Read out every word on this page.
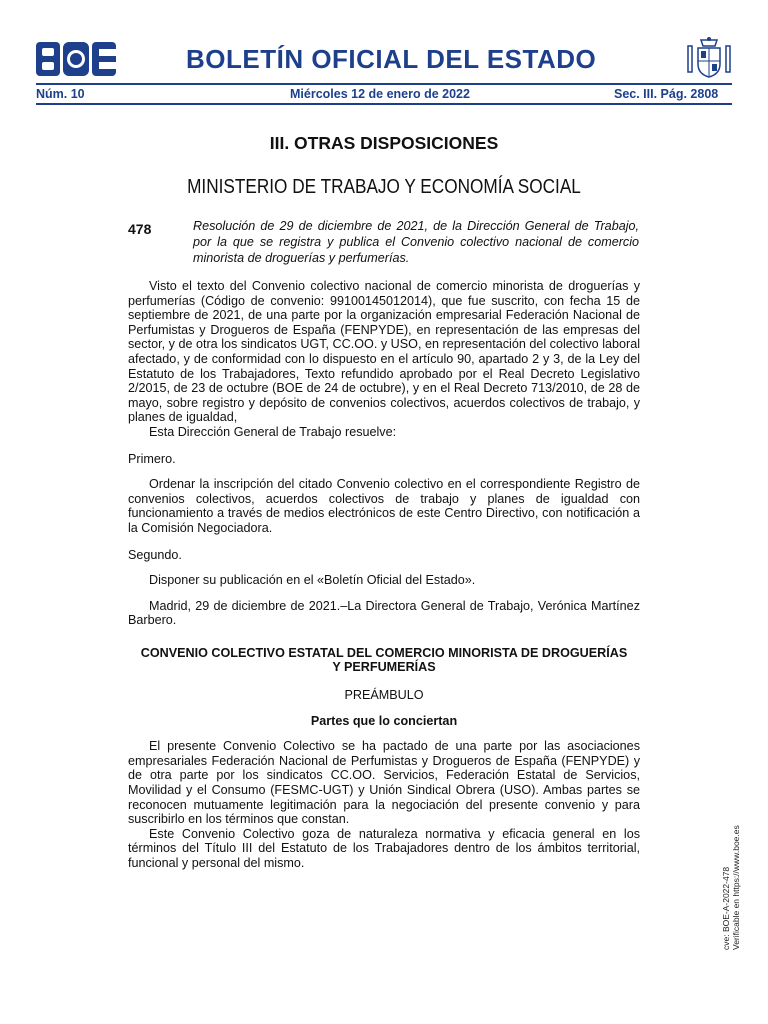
BOE
BOLETÍN OFICIAL DEL ESTADO
Núm. 10	Miércoles 12 de enero de 2022	Sec. III. Pág. 2808
III. OTRAS DISPOSICIONES
MINISTERIO DE TRABAJO Y ECONOMÍA SOCIAL
478	Resolución de 29 de diciembre de 2021, de la Dirección General de Trabajo, por la que se registra y publica el Convenio colectivo nacional de comercio minorista de droguerías y perfumerías.

Visto el texto del Convenio colectivo nacional de comercio minorista de droguerías y perfumerías (Código de convenio: 99100145012014), que fue suscrito, con fecha 15 de septiembre de 2021, de una parte por la organización empresarial Federación Nacional de Perfumistas y Drogueros de España (FENPYDE), en representación de las empresas del sector, y de otra los sindicatos UGT, CC.OO. y USO, en representación del colectivo laboral afectado, y de conformidad con lo dispuesto en el artículo 90, apartado 2 y 3, de la Ley del Estatuto de los Trabajadores, Texto refundido aprobado por el Real Decreto Legislativo 2/2015, de 23 de octubre (BOE de 24 de octubre), y en el Real Decreto 713/2010, de 28 de mayo, sobre registro y depósito de convenios colectivos, acuerdos colectivos de trabajo, y planes de igualdad,

Esta Dirección General de Trabajo resuelve:

Primero.

Ordenar la inscripción del citado Convenio colectivo en el correspondiente Registro de convenios colectivos, acuerdos colectivos de trabajo y planes de igualdad con funcionamiento a través de medios electrónicos de este Centro Directivo, con notificación a la Comisión Negociadora.

Segundo.

Disponer su publicación en el «Boletín Oficial del Estado».

Madrid, 29 de diciembre de 2021.–La Directora General de Trabajo, Verónica Martínez Barbero.

CONVENIO COLECTIVO ESTATAL DEL COMERCIO MINORISTA DE DROGUERÍAS Y PERFUMERÍAS

PREÁMBULO

Partes que lo conciertan

El presente Convenio Colectivo se ha pactado de una parte por las asociaciones empresariales Federación Nacional de Perfumistas y Drogueros de España (FENPYDE) y de otra parte por los sindicatos CC.OO. Servicios, Federación Estatal de Servicios, Movilidad y el Consumo (FESMC-UGT) y Unión Sindical Obrera (USO). Ambas partes se reconocen mutuamente legitimación para la negociación del presente convenio y para suscribirlo en los términos que constan.

Este Convenio Colectivo goza de naturaleza normativa y eficacia general en los términos del Título III del Estatuto de los Trabajadores dentro de los ámbitos territorial, funcional y personal del mismo.

cve: BOE-A-2022-478 Verificable en https://www.boe.es
